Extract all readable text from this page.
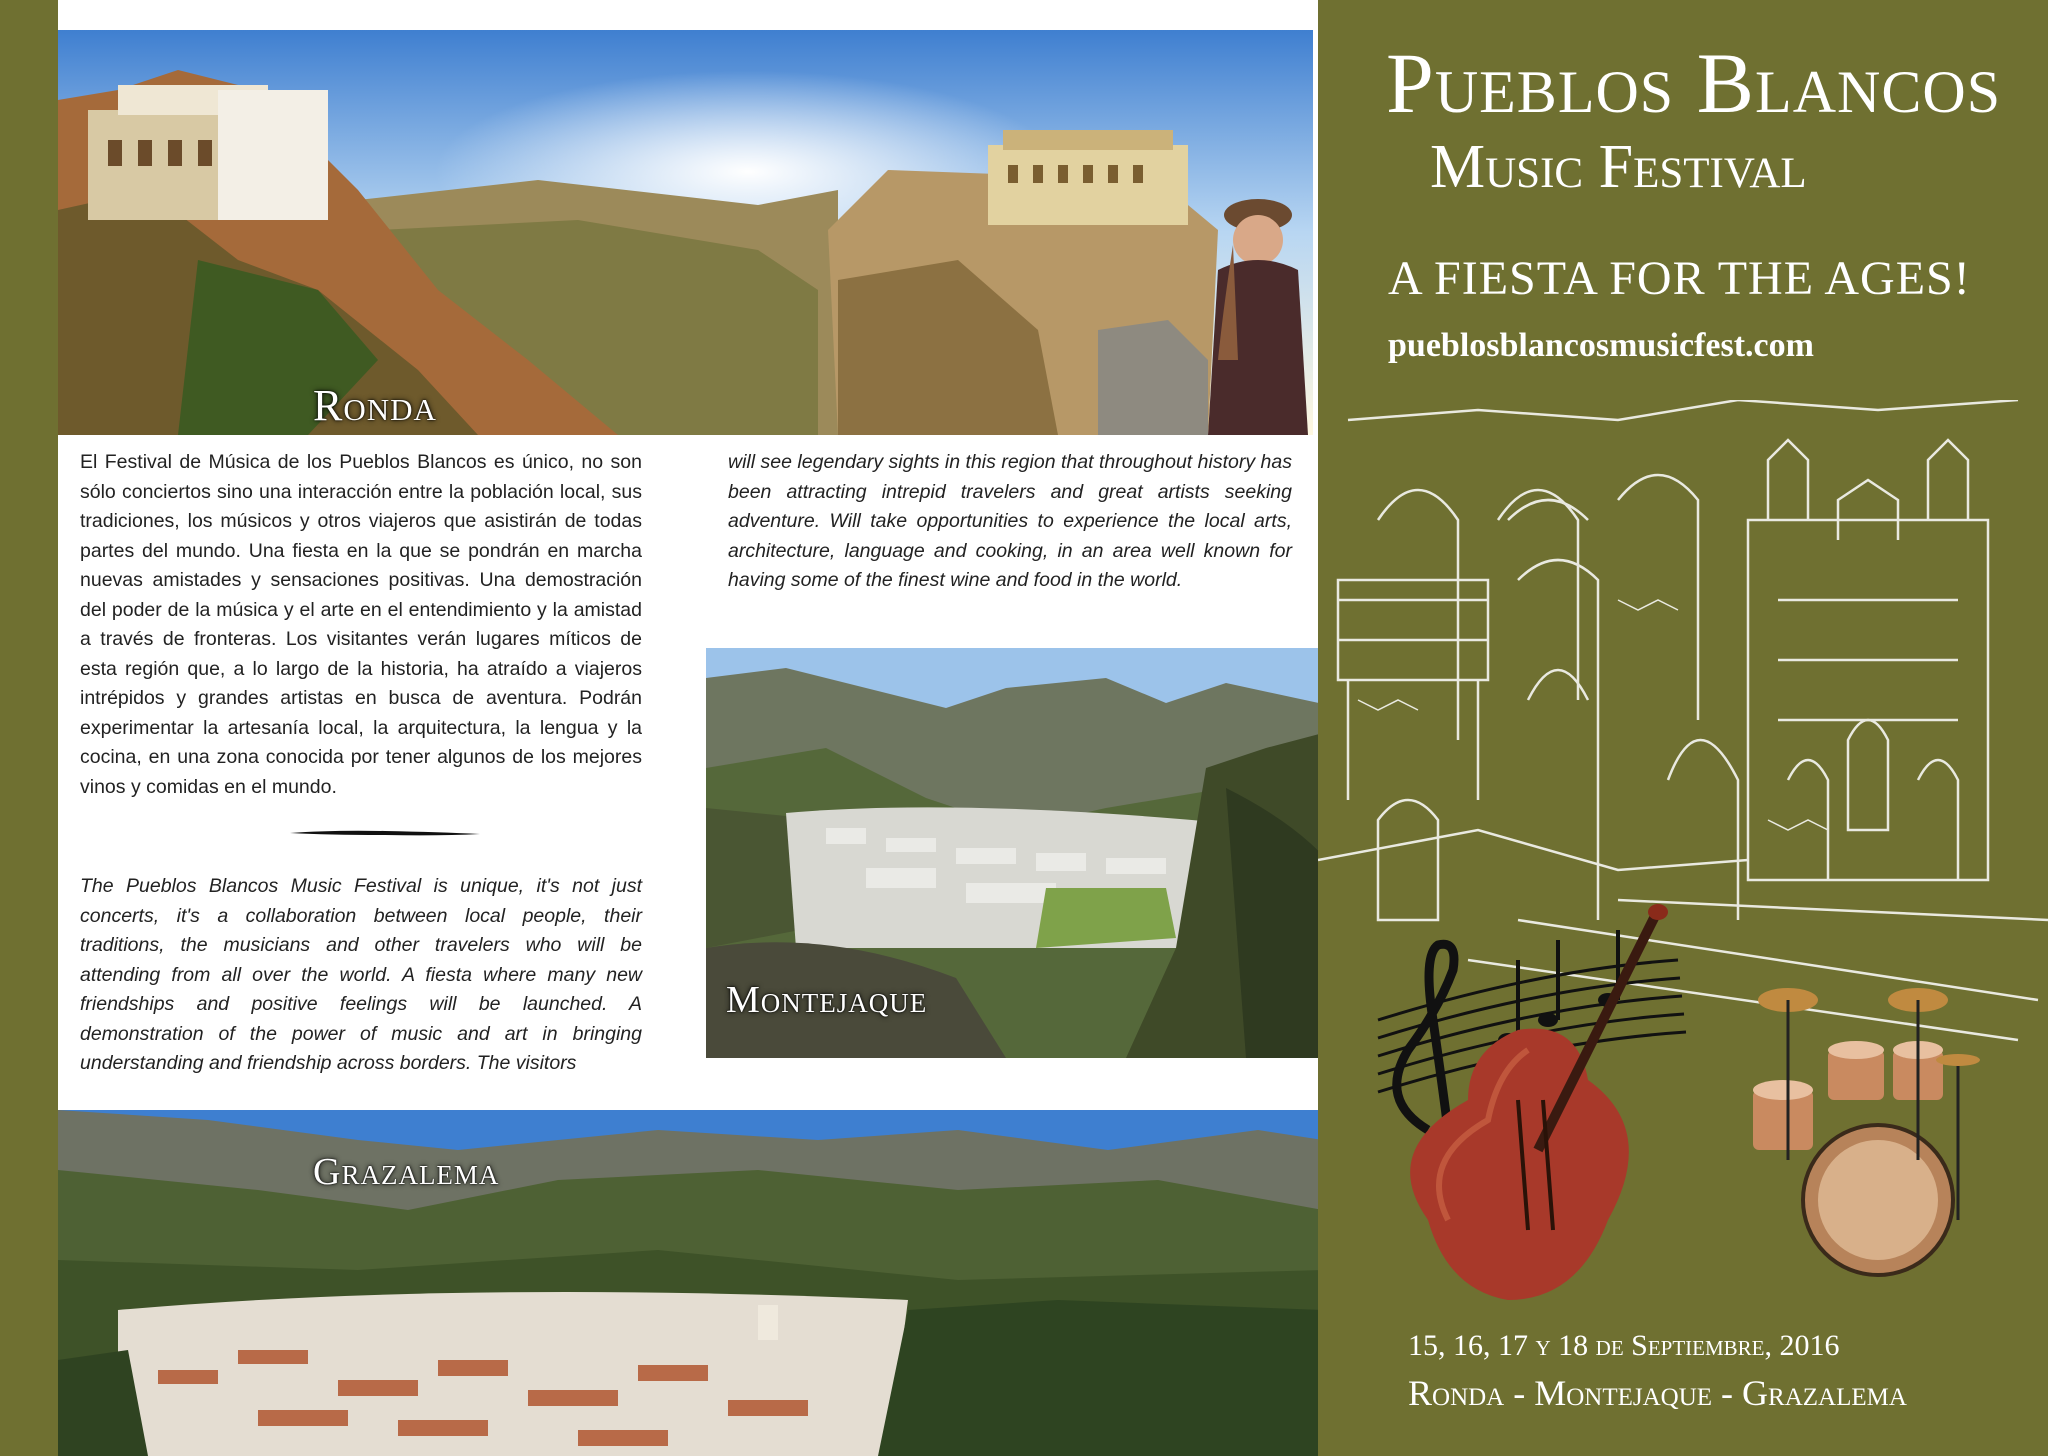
Ronda
El Festival de Música de los Pueblos Blancos es único, no son sólo conciertos sino una interacción entre la población local, sus tradiciones, los músicos y otros viajeros que asistirán de todas partes del mundo. Una fiesta en la que se pondrán en marcha nuevas amistades y sensaciones positivas. Una demostración del poder de la música y el arte en el entendimiento y la amistad a través de fronteras. Los visitantes verán lugares míticos de esta región que, a lo largo de la historia, ha atraído a viajeros intrépidos y grandes artistas en busca de aventura. Podrán experimentar la artesanía local, la arquitectura, la lengua y la cocina, en una zona conocida por tener algunos de los mejores vinos y comidas en el mundo.
will see legendary sights in this region that throughout history has been attracting intrepid travelers and great artists seeking adventure. Will take opportunities to experience the local arts, architecture, language and cooking, in an area well known for having some of the finest wine and food in the world.
The Pueblos Blancos Music Festival is unique, it's not just concerts, it's a collaboration between local people, their traditions, the musicians and other travelers who will be attending from all over the world. A fiesta where many new friendships and positive feelings will be launched. A demonstration of the power of music and art in bringing understanding and friendship across borders. The visitors
Montejaque
Grazalema
Pueblos Blancos
Music Festival
A FIESTA FOR THE AGES!
pueblosblancosmusicfest.com
15, 16, 17 y 18 de Septiembre, 2016
Ronda - Montejaque - Grazalema
